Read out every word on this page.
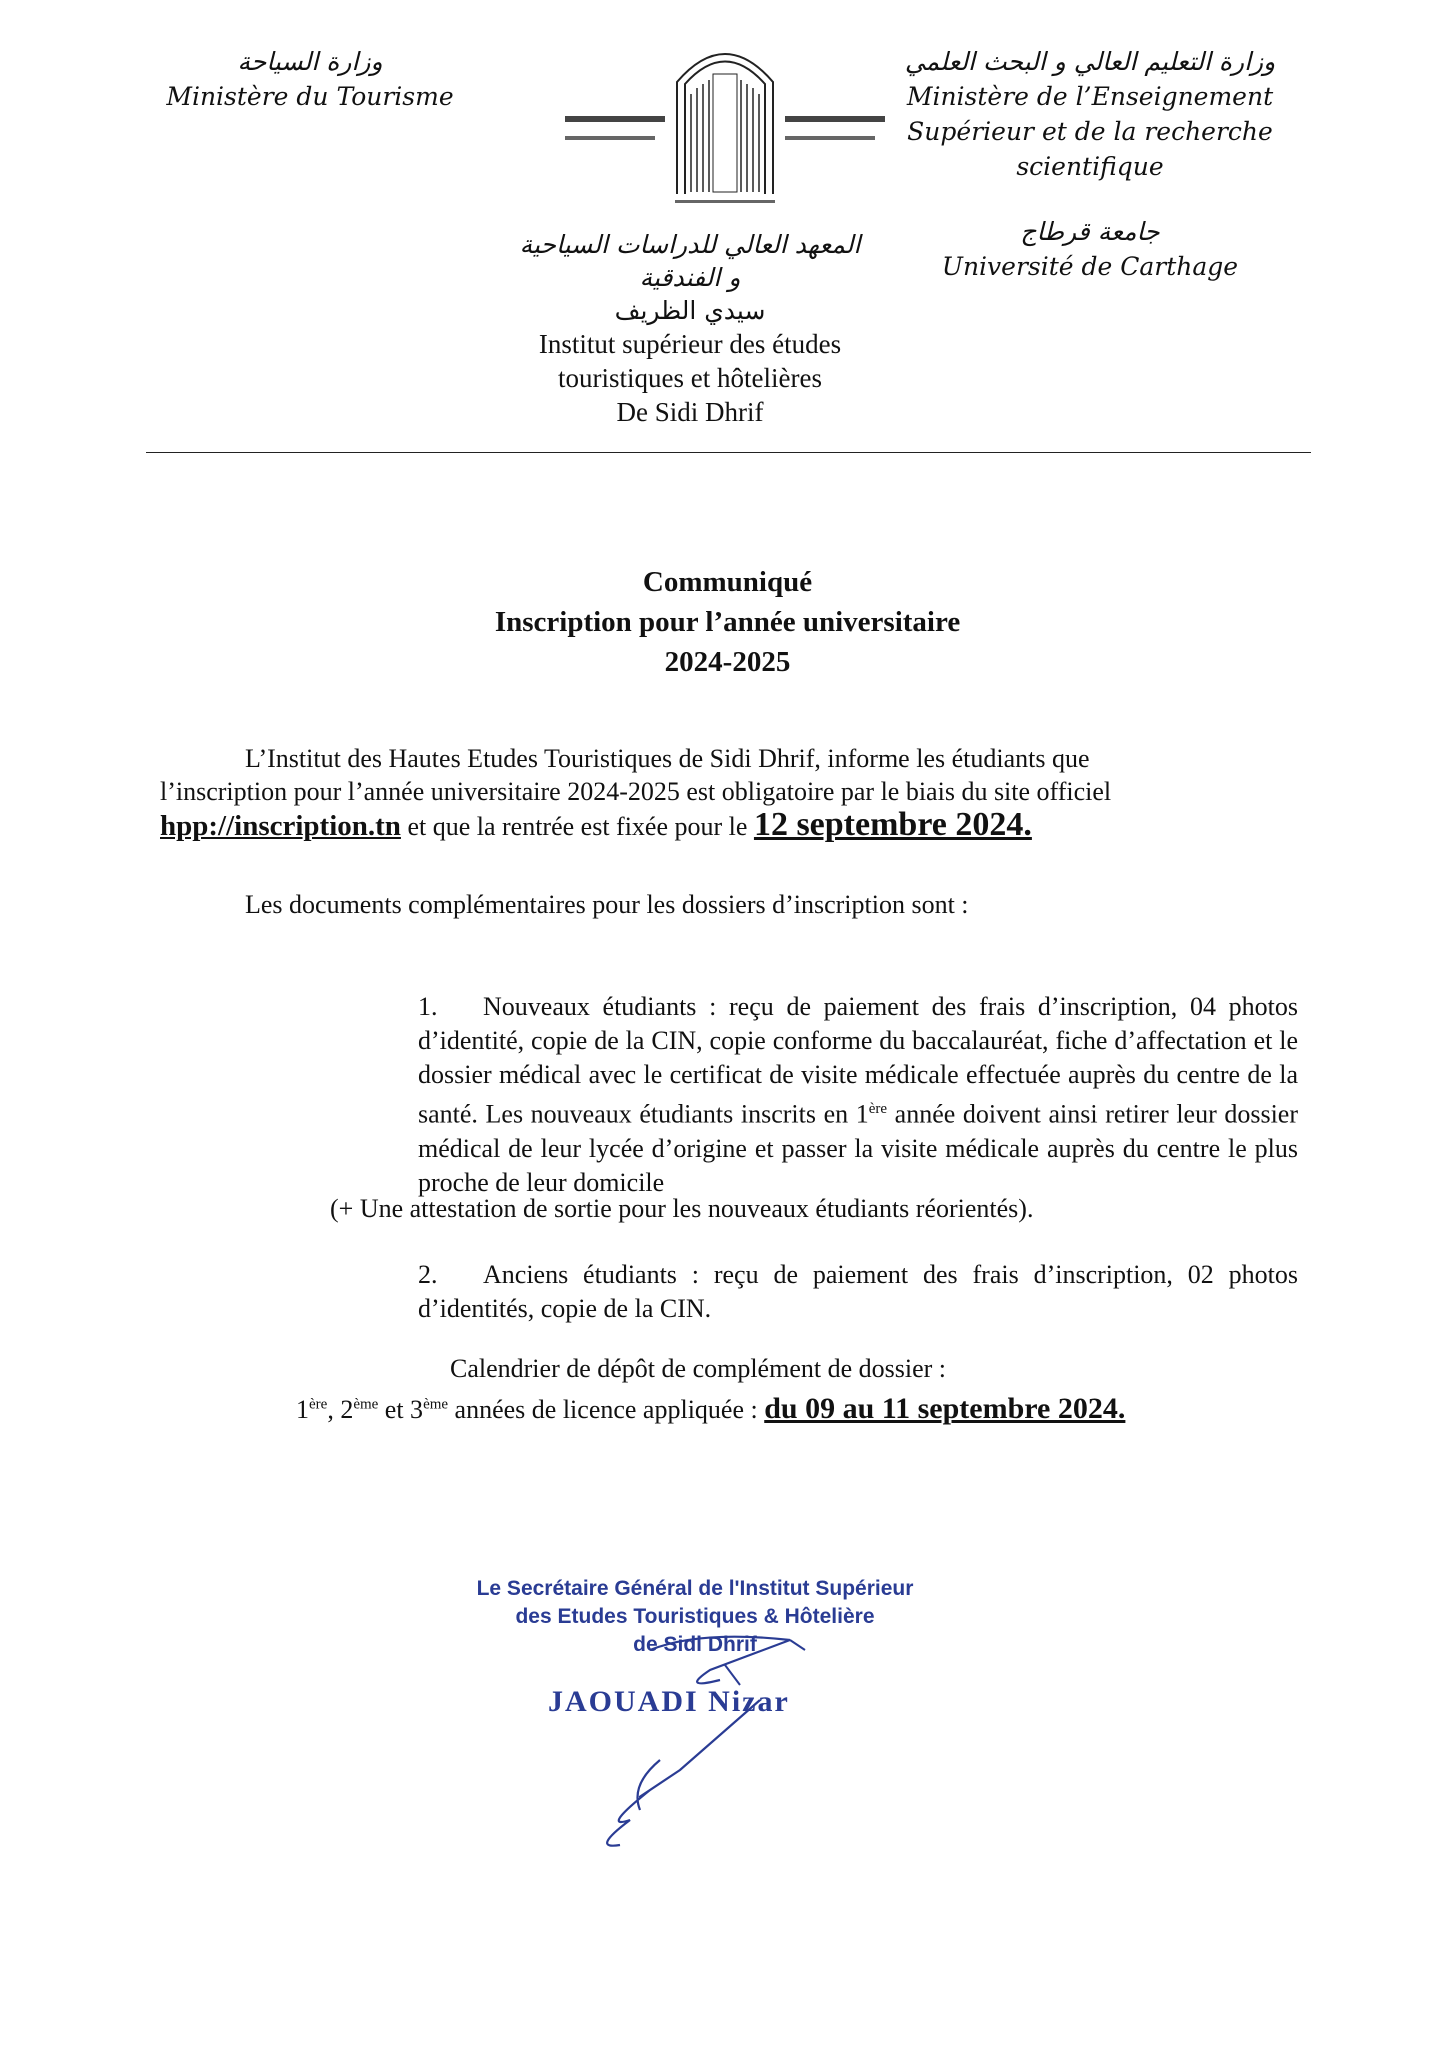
وزارة السياحة
Ministère du Tourisme
وزارة التعليم العالي و البحث العلمي
Ministère de l’Enseignement
Supérieur et de la recherche
scientifique
جامعة قرطاج
Université de Carthage
المعهد العالي للدراسات السياحية
و الفندقية
سيدي الظريف
Institut supérieur des études
touristiques et hôtelières
De Sidi Dhrif
Communiqué
Inscription pour l’année universitaire
2024-2025
L’Institut des Hautes Etudes Touristiques de Sidi Dhrif, informe les étudiants que
l’inscription pour l’année universitaire 2024-2025 est obligatoire par le biais du site officiel
hpp://inscription.tn et que la rentrée est fixée pour le 12 septembre 2024.
Les documents complémentaires pour les dossiers d’inscription sont :
1. Nouveaux étudiants : reçu de paiement des frais d’inscription, 04 photos d’identité, copie de la CIN, copie conforme du baccalauréat, fiche d’affectation et le dossier médical avec le certificat de visite médicale effectuée auprès du centre de la santé. Les nouveaux étudiants inscrits en 1ère année doivent ainsi retirer leur dossier médical de leur lycée d’origine et passer la visite médicale auprès du centre le plus proche de leur domicile
(+ Une attestation de sortie pour les nouveaux étudiants réorientés).
2. Anciens étudiants : reçu de paiement des frais d’inscription, 02 photos d’identités, copie de la CIN.
Calendrier de dépôt de complément de dossier :
1ère, 2ème et 3ème années de licence appliquée : du 09 au 11 septembre 2024.
Le Secrétaire Général de l'Institut Supérieur
des Etudes Touristiques & Hôtelière
de Sidi Dhrif
JAOUADI Nizar
